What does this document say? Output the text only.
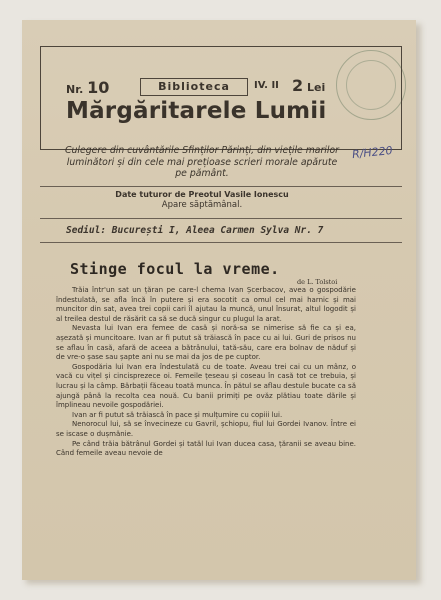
Nr. 10	Biblioteca	IV. II 2 Lei
Mărgăritarele Lumii
Culegere din cuvântările Sfinților Părinți, din viețile marilor luminători și din cele mai prețioase scrieri morale apărute pe pământ.
Date tuturor de Preotul Vasile Ionescu
Apare săptămânal.
Sediul: București I, Aleea Carmen Sylva Nr. 7
Stinge focul la vreme.
de L. Tolstoi

Trăia într'un sat un țăran pe care-l chema Ivan Șcerbacov, avea o gospodărie îndestulată, se afla încă în putere și era socotit ca omul cel mai harnic și mai muncitor din sat, avea trei copii cari îl ajutau la muncă, unul însurat, altul logodit și al treilea destul de răsărit ca să se ducă singur cu plugul la arat.

Nevasta lui Ivan era femee de casă și noră-sa se nimerise să fie ca și ea, așezată și muncitoare. Ivan ar fi putut să trăiască în pace cu ai lui. Guri de prisos nu se aflau în casă, afară de aceea a bătrânului, tată-său, care era bolnav de năduf și de vre-o șase sau șapte ani nu se mai da jos de pe cuptor.

Gospodăria lui Ivan era îndestulată cu de toate. Aveau trei cai cu un mânz, o vacă cu vițel și cincisprezece oi. Femeile țeseau și coseau în casă tot ce trebuia, și lucrau și la câmp. Bărbații făceau toată munca. În pătul se aflau destule bucate ca să ajungă până la recolta cea nouă. Cu banii primiți pe ovăz plătiau toate dările și împlineau nevoile gospodăriei.

Ivan ar fi putut să trăiască în pace și mulțumire cu copiii lui.

Nenorocul lui, să se învecineze cu Gavril, șchiopu, fiul lui Gordei Ivanov. Între ei se iscase o dușmănie.

Pe când trăia bătrânul Gordei și tatăl lui Ivan ducea casa, țăranii se aveau bine. Când femeile aveau nevoie de

R/H220
